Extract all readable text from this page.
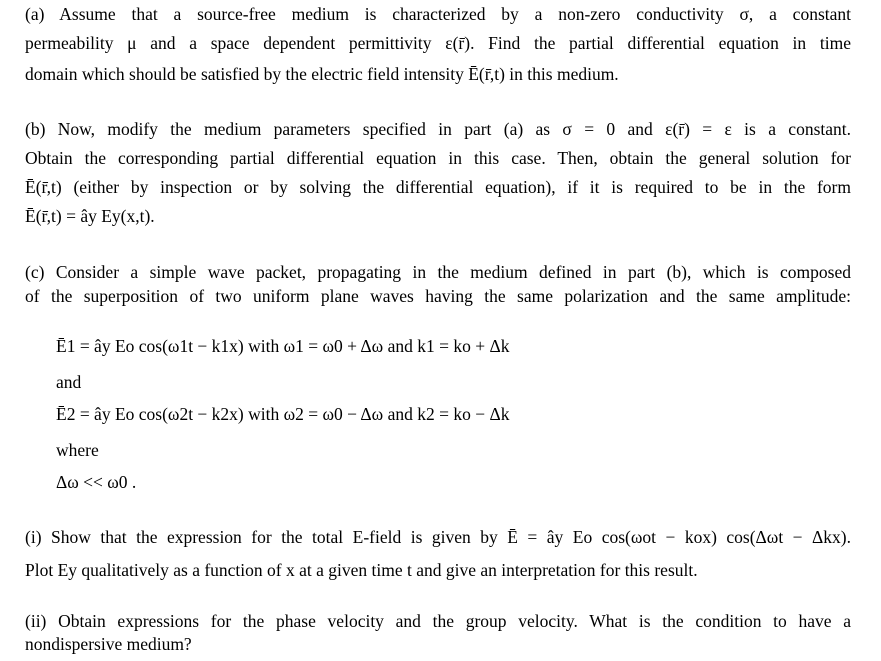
(a) Assume that a source-free medium is characterized by a non-zero conductivity σ, a constant
permeability μ and a space dependent permittivity ε(r̄). Find the partial differential equation in time
domain which should be satisfied by the electric field intensity Ē(r̄,t) in this medium.
(b) Now, modify the medium parameters specified in part (a) as σ = 0 and ε(r̄) = ε is a constant.
Obtain the corresponding partial differential equation in this case. Then, obtain the general solution for
Ē(r̄,t) (either by inspection or by solving the differential equation), if it is required to be in the form
Ē(r̄,t) = ây Ey(x,t).
(c) Consider a simple wave packet, propagating in the medium defined in part (b), which is composed
of the superposition of two uniform plane waves having the same polarization and the same amplitude:
Ē1 = ây Eo cos(ω1t − k1x) with ω1 = ω0 + Δω and k1 = ko + Δk
and
Ē2 = ây Eo cos(ω2t − k2x) with ω2 = ω0 − Δω and k2 = ko − Δk
where
Δω << ω0 .
(i) Show that the expression for the total E-field is given by Ē = ây Eo cos(ωot − kox) cos(Δωt − Δkx).
Plot Ey qualitatively as a function of x at a given time t and give an interpretation for this result.
(ii) Obtain expressions for the phase velocity and the group velocity. What is the condition to have a
nondispersive medium?
